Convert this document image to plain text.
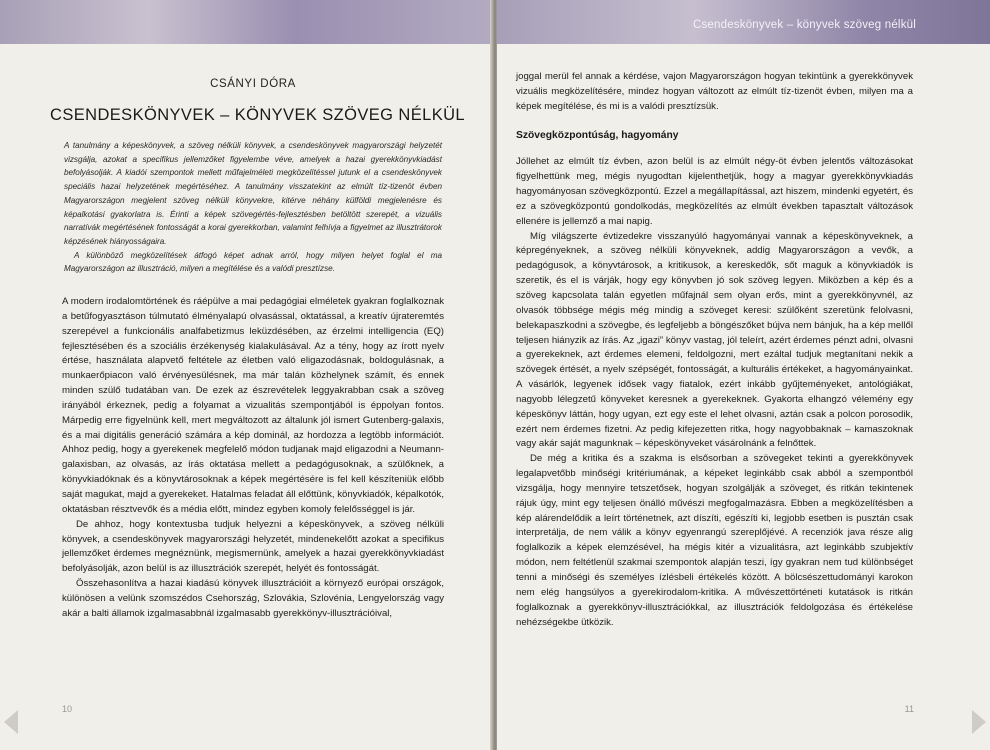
CSÁNYI DÓRA
CSENDESKÖNYVEK – KÖNYVEK SZÖVEG NÉLKÜL

A tanulmány a képeskönyvek, a szöveg nélküli könyvek, a csendeskönyvek magyarországi helyzetét vizsgálja, azokat a specifikus jellemzőket figyelembe véve, amelyek a hazai gyerekkönyvkiadást befolyásolják. A kiadói szempontok mellett műfajelméleti megközelítéssel jutunk el a csendeskönyvek speciális hazai helyzetének megértéséhez. A tanulmány visszatekint az elmúlt tíz-tizenöt évben Magyarországon megjelent szöveg nélküli könyvekre, kitérve néhány külföldi megjelenésre és képalkotási gyakorlatra is. Érinti a képek szövegértés-fejlesztésben betöltött szerepét, a vizuális narratívák megértésének fontosságát a korai gyerekkorban, valamint felhívja a figyelmet az illusztrátorok képzésének hiányosságaira.

A különböző megközelítések átfogó képet adnak arról, hogy milyen helyet foglal el ma Magyarországon az illusztráció, milyen a megítélése és a valódi presztízse.

A modern irodalomtörtének és ráépülve a mai pedagógiai elméletek gyakran foglalkoznak a betűfogyasztáson túlmutató élményalapú olvasással, oktatással, a kreatív újrateremtés szerepével a funkcionális analfabetizmus leküzdésében, az érzelmi intelligencia (EQ) fejlesztésében és a szociális érzékenység kialakulásával. Az a tény, hogy az írott nyelv értése, használata alapvető feltétele az életben való eligazodásnak, boldogulásnak, a munkaerőpiacon való érvényesülésnek, ma már talán közhelynek számít, és ennek minden szülő tudatában van. De ezek az észrevételek leggyakrabban csak a szöveg irányából érkeznek, pedig a folyamat a vizualitás szempontjából is éppolyan fontos. Márpedig erre figyelnünk kell, mert megváltozott az általunk jól ismert Gutenberg-galaxis, és a mai digitális generáció számára a kép dominál, az hordozza a legtöbb információt. Ahhoz pedig, hogy a gyerekenek megfelelő módon tudjanak majd eligazodni a Neumann-galaxisban, az olvasás, az írás oktatása mellett a pedagógusoknak, a szülőknek, a könyvkiadóknak és a könyvtárosoknak a képek megértésére is fel kell készíteniük előbb saját magukat, majd a gyerekeket. Hatalmas feladat áll előttünk, könyvkiadók, képalkotók, oktatásban résztvevők és a média előtt, mindez egyben komoly felelősséggel is jár.

De ahhoz, hogy kontextusba tudjuk helyezni a képeskönyvek, a szöveg nélküli könyvek, a csendeskönyvek magyarországi helyzetét, mindenekelőtt azokat a specifikus jellemzőket érdemes megnéznünk, megismernünk, amelyek a hazai gyerekkönyvkiadást befolyásolják, azon belül is az illusztrációk szerepét, helyét és fontosságát.

Összehasonlítva a hazai kiadású könyvek illusztrációit a környező európai országok, különösen a velünk szomszédos Csehország, Szlovákia, Szlovénia, Lengyelország vagy akár a balti államok izgalmasabbnál izgalmasabb gyerekkönyv-illusztrációival,

10
Csendeskönyvek – könyvek szöveg nélkül

joggal merül fel annak a kérdése, vajon Magyarországon hogyan tekintünk a gyerekkönyvek vizuális megközelítésére, mindez hogyan változott az elmúlt tíz-tizenöt évben, milyen ma a képek megítélése, és mi is a valódi presztízsük.

Szövegközpontúság, hagyomány

Jóllehet az elmúlt tíz évben, azon belül is az elmúlt négy-öt évben jelentős változásokat figyelhettünk meg, mégis nyugodtan kijelenthetjük, hogy a magyar gyerekkönyvkiadás hagyományosan szövegközpontú. Ezzel a megállapítással, azt hiszem, mindenki egyetért, és ez a szövegközpontú gondolkodás, megközelítés az elmúlt években tapasztalt változások ellenére is jellemző a mai napig.

Míg világszerte évtizedekre visszanyúló hagyományai vannak a képeskönyveknek, a képregényeknek, a szöveg nélküli könyveknek, addig Magyarországon a vevők, a pedagógusok, a könyvtárosok, a kritikusok, a kereskedők, sőt maguk a könyvkiadók is szeretik, és el is várják, hogy egy könyvben jó sok szöveg legyen. Miközben a kép és a szöveg kapcsolata talán egyetlen műfajnál sem olyan erős, mint a gyerekkönyvnél, az olvasók többsége mégis még mindig a szöveget keresi: szülőként szeretünk felolvasni, belekapaszkodni a szövegbe, és legfeljebb a böngészőket bújva nem bánjuk, ha a kép mellől teljesen hiányzik az írás. Az „igazi” könyv vastag, jól teleírt, azért érdemes pénzt adni, olvasni a gyerekeknek, azt érdemes elemeni, feldolgozni, mert ezáltal tudjuk megtanítani nekik a szövegek értését, a nyelv szépségét, fontosságát, a kulturális értékeket, a hagyományainkat. A vásárlók, legyenek idősek vagy fiatalok, ezért inkább gyűjteményeket, antológiákat, nagyobb lélegzetű könyveket keresnek a gyerekeknek. Gyakorta elhangzó vélemény egy képeskönyv láttán, hogy ugyan, ezt egy este el lehet olvasni, aztán csak a polcon porosodik, ezért nem érdemes fizetni. Az pedig kifejezetten ritka, hogy nagyobbaknak – kamaszoknak vagy akár saját magunknak – képeskönyveket vásárolnánk a felnőttek.

De még a kritika és a szakma is elsősorban a szövegeket tekinti a gyerekkönyvek legalapvetőbb minőségi kritériumának, a képeket leginkább csak abból a szempontból vizsgálja, hogy mennyire tetszetősek, hogyan szolgálják a szöveget, és ritkán tekintenek rájuk úgy, mint egy teljesen önálló művészi megfogalmazásra. Ebben a megközelítésben a kép alárendelődik a leírt történetnek, azt díszíti, egészíti ki, legjobb esetben is pusztán csak interpretálja, de nem válik a könyv egyenrangú szereplőjévé. A recenziók java része alig foglalkozik a képek elemzésével, ha mégis kitér a vizualitásra, azt leginkább szubjektív módon, nem feltétlenül szakmai szempontok alapján teszi, így gyakran nem tud különbséget tenni a minőségi és személyes ízlésbeli értékelés között. A bölcsészettudományi karokon nem elég hangsúlyos a gyerekirodalom-kritika. A művészettörténeti kutatások is ritkán foglalkoznak a gyerekkönyv-illusztrációkkal, az illusztrációk feldolgozása és értékelése nehézségekbe ütközik.

11
